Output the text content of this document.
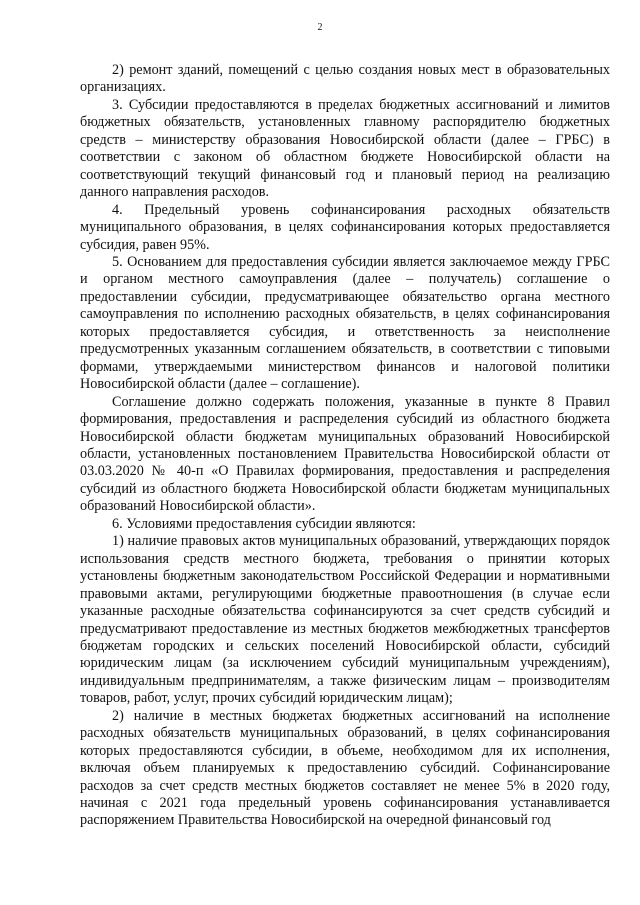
2

2) ремонт зданий, помещений с целью создания новых мест в образовательных организациях.

3. Субсидии предоставляются в пределах бюджетных ассигнований и лимитов бюджетных обязательств, установленных главному распорядителю бюджетных средств – министерству образования Новосибирской области (далее – ГРБС) в соответствии с законом об областном бюджете Новосибирской области на соответствующий текущий финансовый год и плановый период на реализацию данного направления расходов.

4. Предельный уровень софинансирования расходных обязательств муниципального образования, в целях софинансирования которых предоставляется субсидия, равен 95%.

5. Основанием для предоставления субсидии является заключаемое между ГРБС и органом местного самоуправления (далее – получатель) соглашение о предоставлении субсидии, предусматривающее обязательство органа местного самоуправления по исполнению расходных обязательств, в целях софинансирования которых предоставляется субсидия, и ответственность за неисполнение предусмотренных указанным соглашением обязательств, в соответствии с типовыми формами, утверждаемыми министерством финансов и налоговой политики Новосибирской области (далее – соглашение).

Соглашение должно содержать положения, указанные в пункте 8 Правил формирования, предоставления и распределения субсидий из областного бюджета Новосибирской области бюджетам муниципальных образований Новосибирской области, установленных постановлением Правительства Новосибирской области от 03.03.2020 № 40-п «О Правилах формирования, предоставления и распределения субсидий из областного бюджета Новосибирской области бюджетам муниципальных образований Новосибирской области».

6. Условиями предоставления субсидии являются:

1) наличие правовых актов муниципальных образований, утверждающих порядок использования средств местного бюджета, требования о принятии которых установлены бюджетным законодательством Российской Федерации и нормативными правовыми актами, регулирующими бюджетные правоотношения (в случае если указанные расходные обязательства софинансируются за счет средств субсидий и предусматривают предоставление из местных бюджетов межбюджетных трансфертов бюджетам городских и сельских поселений Новосибирской области, субсидий юридическим лицам (за исключением субсидий муниципальным учреждениям), индивидуальным предпринимателям, а также физическим лицам – производителям товаров, работ, услуг, прочих субсидий юридическим лицам);

2) наличие в местных бюджетах бюджетных ассигнований на исполнение расходных обязательств муниципальных образований, в целях софинансирования которых предоставляются субсидии, в объеме, необходимом для их исполнения, включая объем планируемых к предоставлению субсидий. Софинансирование расходов за счет средств местных бюджетов составляет не менее 5% в 2020 году, начиная с 2021 года предельный уровень софинансирования устанавливается распоряжением Правительства Новосибирской на очередной финансовый год
